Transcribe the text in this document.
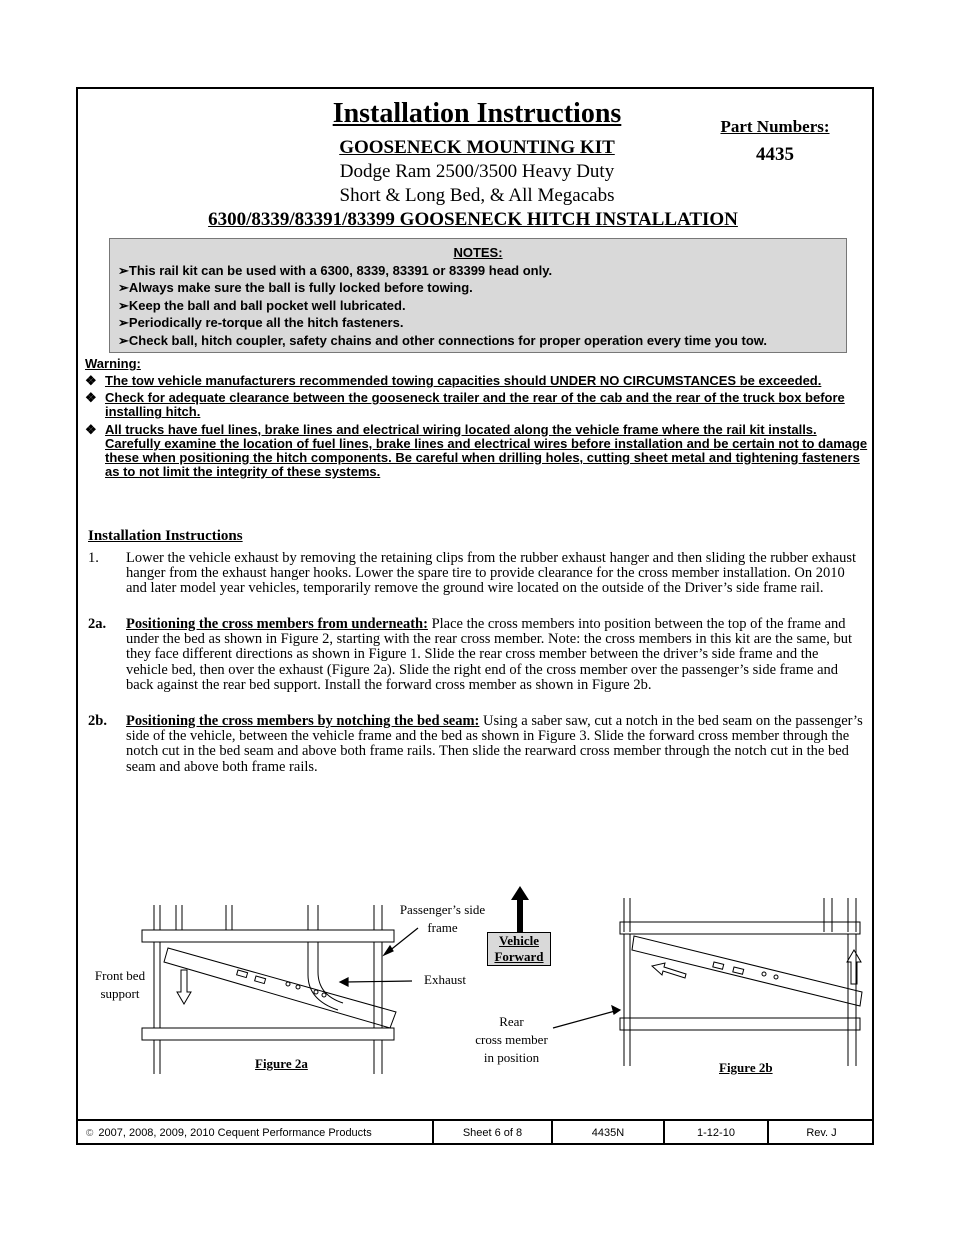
Installation Instructions
GOOSENECK MOUNTING KIT
Dodge Ram 2500/3500 Heavy Duty
Short & Long Bed, & All Megacabs
6300/8339/83391/83399 GOOSENECK HITCH INSTALLATION
Part Numbers:
4435
NOTES:
➢This rail kit can be used with a 6300, 8339, 83391 or 83399 head only.
➢Always make sure the ball is fully locked before towing.
➢Keep the ball and ball pocket well lubricated.
➢Periodically re-torque all the hitch fasteners.
➢Check ball, hitch coupler, safety chains and other connections for proper operation every time you tow.
Warning:
❖ The tow vehicle manufacturers recommended towing capacities should UNDER NO CIRCUMSTANCES be exceeded.
❖ Check for adequate clearance between the gooseneck trailer and the rear of the cab and the rear of the truck box before installing hitch.
❖ All trucks have fuel lines, brake lines and electrical wiring located along the vehicle frame where the rail kit installs. Carefully examine the location of fuel lines, brake lines and electrical wires before installation and be certain not to damage these when positioning the hitch components. Be careful when drilling holes, cutting sheet metal and tightening fasteners as to not limit the integrity of these systems.
Installation Instructions
1. Lower the vehicle exhaust by removing the retaining clips from the rubber exhaust hanger and then sliding the rubber exhaust hanger from the exhaust hanger hooks. Lower the spare tire to provide clearance for the cross member installation. On 2010 and later model year vehicles, temporarily remove the ground wire located on the outside of the Driver’s side frame rail.
2a. Positioning the cross members from underneath: Place the cross members into position between the top of the frame and under the bed as shown in Figure 2, starting with the rear cross member. Note: the cross members in this kit are the same, but they face different directions as shown in Figure 1. Slide the rear cross member between the driver’s side frame and the vehicle bed, then over the exhaust (Figure 2a). Slide the right end of the cross member over the passenger’s side frame and back against the rear bed support. Install the forward cross member as shown in Figure 2b.
2b. Positioning the cross members by notching the bed seam: Using a saber saw, cut a notch in the bed seam on the passenger’s side of the vehicle, between the vehicle frame and the bed as shown in Figure 3. Slide the forward cross member through the notch cut in the bed seam and above both frame rails. Then slide the rearward cross member through the notch cut in the bed seam and above both frame rails.
Passenger’s side
frame
Front bed
support
Exhaust
Vehicle
Forward
Rear
cross member
in position
Figure 2a	Figure 2b
© 2007, 2008, 2009, 2010 Cequent Performance Products	Sheet 6 of 8	4435N	1-12-10	Rev. J
